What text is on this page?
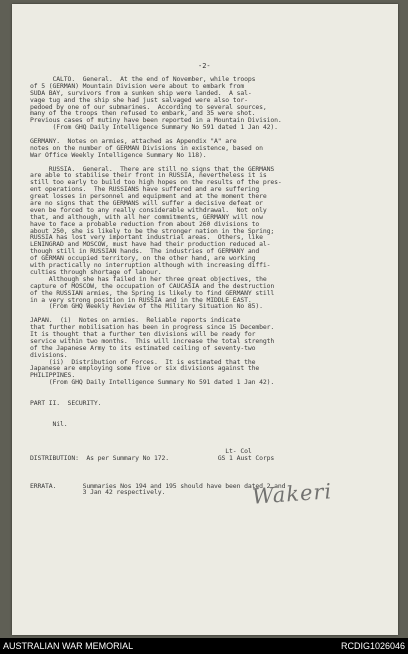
-2-
CALTO.  General.  At the end of November, while troops
of 5 (GERMAN) Mountain Division were about to embark from
SUDA BAY, survivors from a sunken ship were landed.  A sal-
vage tug and the ship she had just salvaged were also tor-
pedoed by one of our submarines.  According to several sources,
many of the troops then refused to embark, and 35 were shot.
Previous cases of mutiny have been reported in a Mountain Division.
(From GHQ Daily Intelligence Summary No 591 dated 1 Jan 42).
GERMANY.  Notes on armies, attached as Appendix "A" are
notes on the number of GERMAN Divisions in existence, based on
War Office Weekly Intelligence Summary No 118).
RUSSIA.  General.  There are still no signs that the GERMANS
are able to stabilise their front in RUSSIA, nevertheless it is
still too early to build too high hopes on the results of the pres-
ent operations.  The RUSSIANS have suffered and are suffering
great losses in personnel and equipment and at the moment there
are no signs that the GERMANS will suffer a decisive defeat or
even be forced to any really considerable withdrawal.  Not only
that, and although, with all her commitments, GERMANY will now
have to face a probable reduction from about 260 divisions to
about 250, she is likely to be the stronger nation in the Spring;
RUSSIA has lost very important industrial areas.  Others, like
LENINGRAD and MOSCOW, must have had their production reduced al-
though still in RUSSIAN hands.  The industries of GERMANY and
of GERMAN occupied territory, on the other hand, are working
with practically no interruption although with increasing diffi-
culties through shortage of labour.
Although she has failed in her three great objectives, the
capture of MOSCOW, the occupation of CAUCASIA and the destruction
of the RUSSIAN armies, the Spring is likely to find GERMANY still
in a very strong position in RUSSIA and in the MIDDLE EAST.
(From GHQ Weekly Review of the Military Situation No 85).
JAPAN.  (i)  Notes on armies.  Reliable reports indicate
that further mobilisation has been in progress since 15 December.
It is thought that a further ten divisions will be ready for
service within two months.  This will increase the total strength
of the Japanese Army to its estimated ceiling of seventy-two
divisions.
(ii)  Distribution of Forces.  It is estimated that the
Japanese are employing some five or six divisions against the
PHILIPPINES.
(From GHQ Daily Intelligence Summary No 591 dated 1 Jan 42).
PART II.  SECURITY.
Nil.
Lt- Col
DISTRIBUTION:  As per Summary No 172.             GS 1 Aust Corps
ERRATA.       Summaries Nos 194 and 195 should have been dated 2 and
3 Jan 42 respectively.	Wakeri
AUSTRALIAN WAR MEMORIAL	RCDIG1026046
